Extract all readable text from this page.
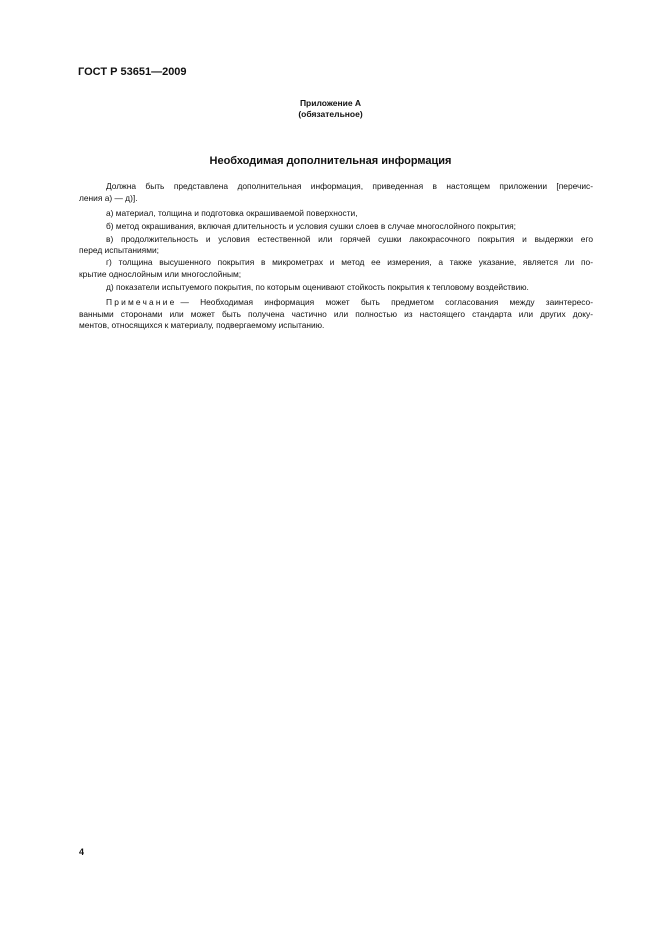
ГОСТ Р 53651—2009
Приложение А
(обязательное)
Необходимая дополнительная информация
Должна быть представлена дополнительная информация, приведенная в настоящем приложении [перечис-
ления а) — д)].
а) материал, толщина и подготовка окрашиваемой поверхности,
б) метод окрашивания, включая длительность и условия сушки слоев в случае многослойного покрытия;
в) продолжительность и условия естественной или горячей сушки лакокрасочного покрытия и выдержки его
перед испытаниями;
г) толщина высушенного покрытия в микрометрах и метод ее измерения, а также указание, является ли по-
крытие однослойным или многослойным;
д) показатели испытуемого покрытия, по которым оценивают стойкость покрытия к тепловому воздействию.
Примечание — Необходимая информация может быть предметом согласования между заинтересо-
ванными сторонами или может быть получена частично или полностью из настоящего стандарта или других доку-
ментов, относящихся к материалу, подвергаемому испытанию.
4
